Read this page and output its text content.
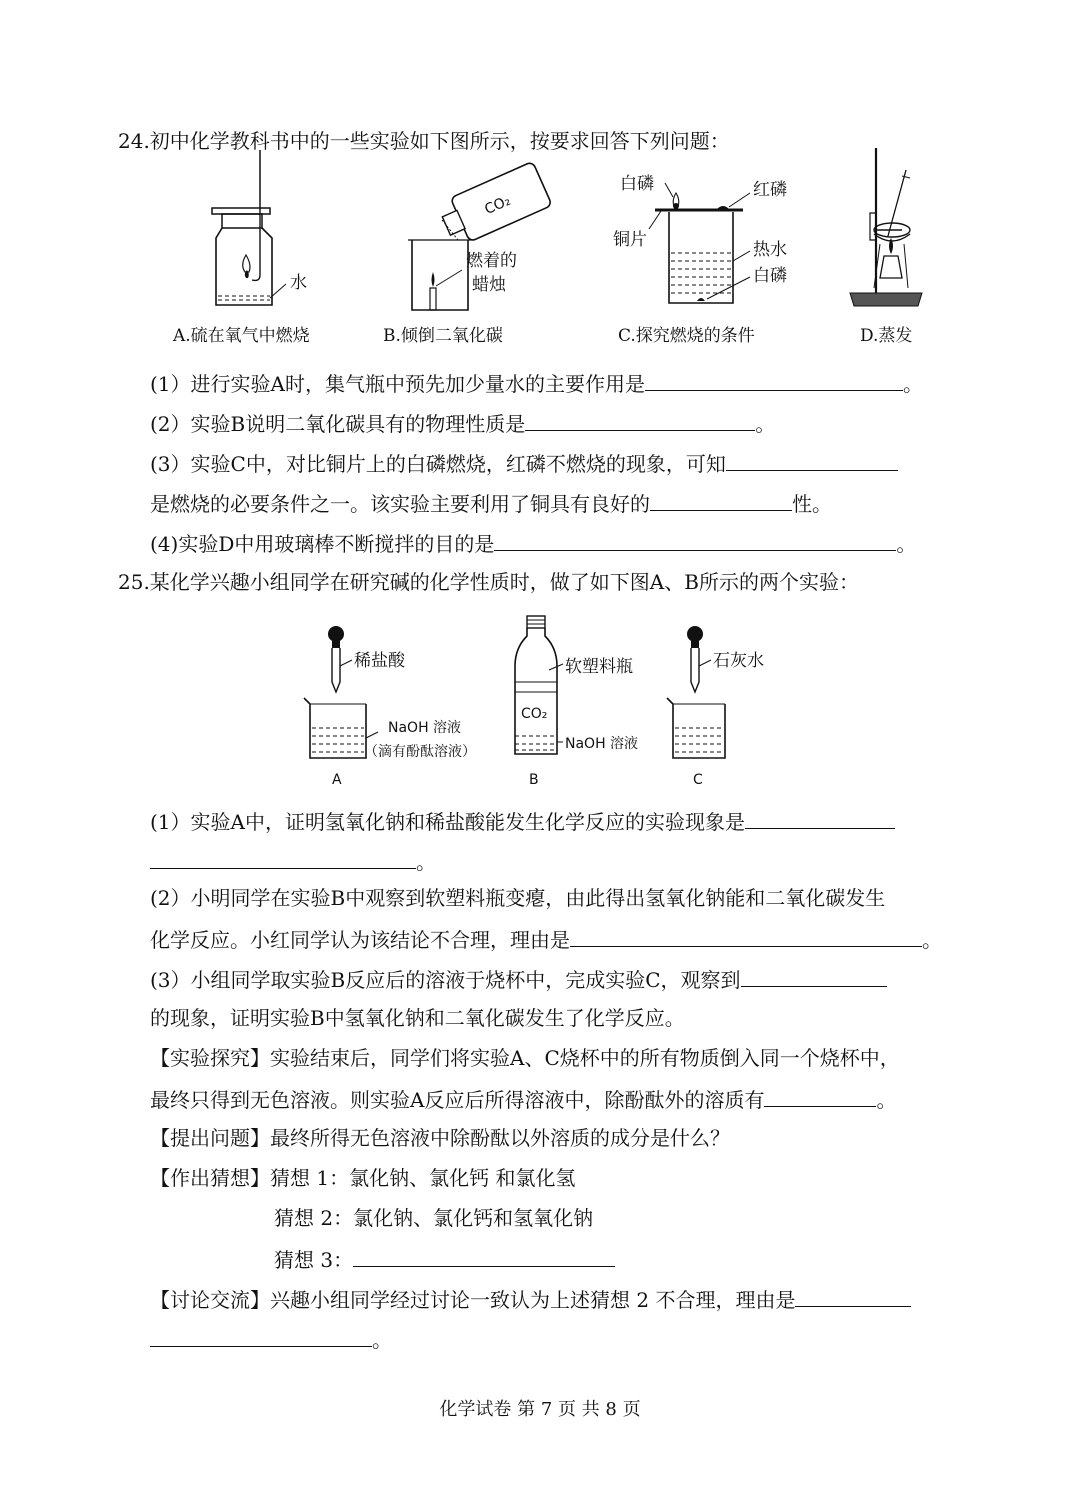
24.初中化学教科书中的一些实验如下图所示，按要求回答下列问题：
水
A.硫在氧气中燃烧
CO₂
燃着的
蜡烛
B.倾倒二氧化碳
白磷	红磷
铜片	热水
白磷
C.探究燃烧的条件	D.蒸发
(1）进行实验A时，集气瓶中预先加少量水的主要作用是	。
(2）实验B说明二氧化碳具有的物理性质是	。
(3）实验C中，对比铜片上的白磷燃烧，红磷不燃烧的现象，可知
是燃烧的必要条件之一。该实验主要利用了铜具有良好的	性。
(4)实验D中用玻璃棒不断搅拌的目的是	。
25.某化学兴趣小组同学在研究碱的化学性质时，做了如下图A、B所示的两个实验：
稀盐酸
NaOH 溶液
（滴有酚酞溶液）
A
CO₂
软塑料瓶
NaOH 溶液
B
石灰水
C
(1）实验A中，证明氢氧化钠和稀盐酸能发生化学反应的实验现象是
。
(2）小明同学在实验B中观察到软塑料瓶变瘪，由此得出氢氧化钠能和二氧化碳发生
化学反应。小红同学认为该结论不合理，理由是	。
(3）小组同学取实验B反应后的溶液于烧杯中，完成实验C，观察到
的现象，证明实验B中氢氧化钠和二氧化碳发生了化学反应。
【实验探究】实验结束后，同学们将实验A、C烧杯中的所有物质倒入同一个烧杯中，
最终只得到无色溶液。则实验A反应后所得溶液中，除酚酞外的溶质有	。
【提出问题】最终所得无色溶液中除酚酞以外溶质的成分是什么？
【作出猜想】猜想 1：氯化钠、氯化钙 和氯化氢
猜想 2：氯化钠、氯化钙和氢氧化钠
猜想 3：
【讨论交流】兴趣小组同学经过讨论一致认为上述猜想 2 不合理，理由是
。
化学试卷 第 7 页 共 8 页
